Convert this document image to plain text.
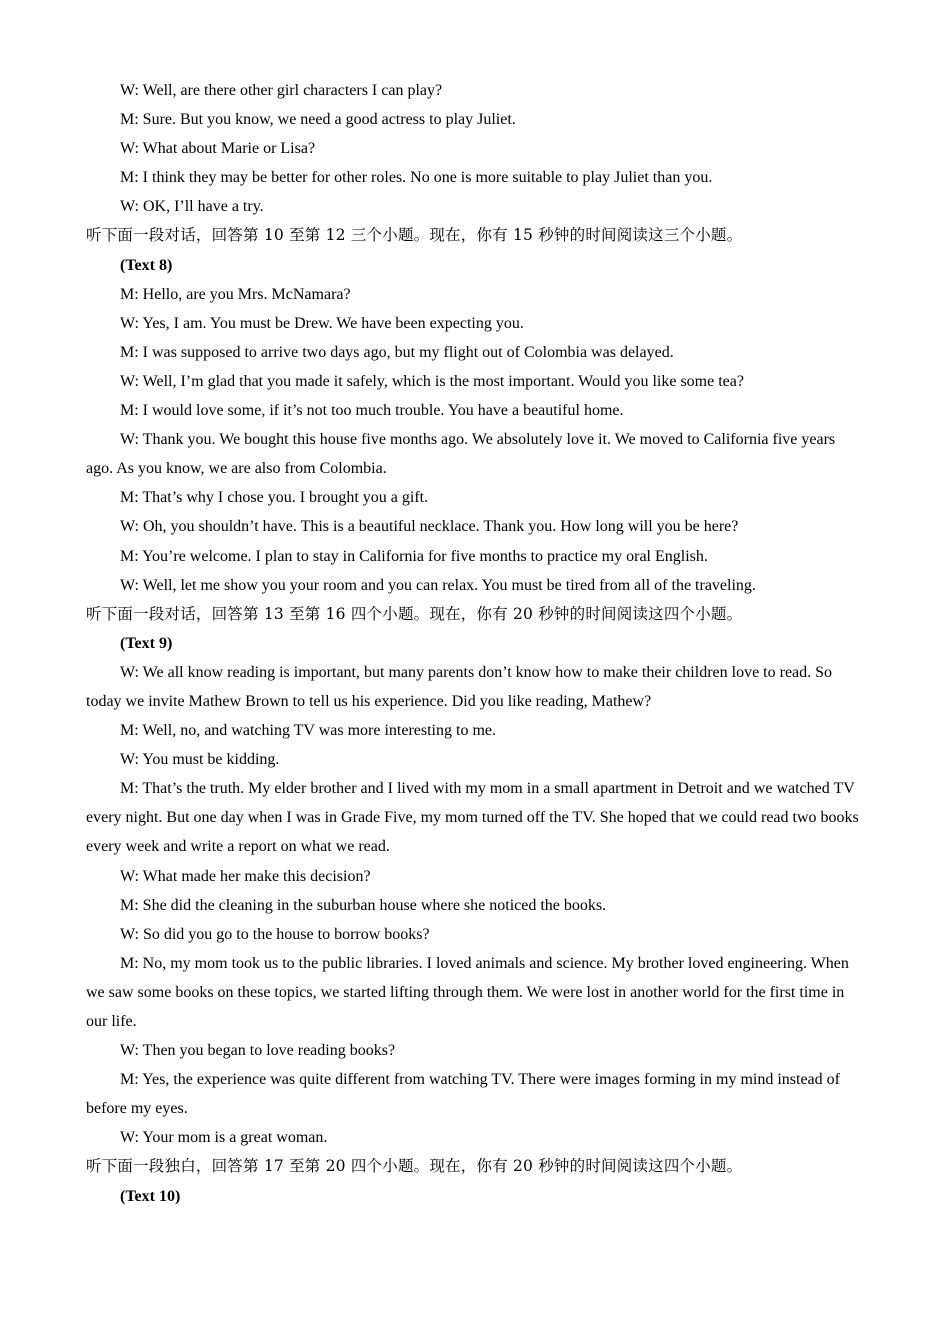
W: Well, are there other girl characters I can play?

M: Sure. But you know, we need a good actress to play Juliet.

W: What about Marie or Lisa?

M: I think they may be better for other roles. No one is more suitable to play Juliet than you.

W: OK, I’ll have a try.

听下面一段对话，回答第 10 至第 12 三个小题。现在，你有 15 秒钟的时间阅读这三个小题。

(Text 8)

M: Hello, are you Mrs. McNamara?

W: Yes, I am. You must be Drew. We have been expecting you.

M: I was supposed to arrive two days ago, but my flight out of Colombia was delayed.

W: Well, I’m glad that you made it safely, which is the most important. Would you like some tea?

M: I would love some, if it’s not too much trouble. You have a beautiful home.

W: Thank you. We bought this house five months ago. We absolutely love it. We moved to California five years ago. As you know, we are also from Colombia.

M: That’s why I chose you. I brought you a gift.

W: Oh, you shouldn’t have. This is a beautiful necklace. Thank you. How long will you be here?

M: You’re welcome. I plan to stay in California for five months to practice my oral English.

W: Well, let me show you your room and you can relax. You must be tired from all of the traveling.

听下面一段对话，回答第 13 至第 16 四个小题。现在，你有 20 秒钟的时间阅读这四个小题。

(Text 9)

W: We all know reading is important, but many parents don’t know how to make their children love to read. So today we invite Mathew Brown to tell us his experience. Did you like reading, Mathew?

M: Well, no, and watching TV was more interesting to me.

W: You must be kidding.

M: That’s the truth. My elder brother and I lived with my mom in a small apartment in Detroit and we watched TV every night. But one day when I was in Grade Five, my mom turned off the TV. She hoped that we could read two books every week and write a report on what we read.

W: What made her make this decision?

M: She did the cleaning in the suburban house where she noticed the books.

W: So did you go to the house to borrow books?

M: No, my mom took us to the public libraries. I loved animals and science. My brother loved engineering. When we saw some books on these topics, we started lifting through them. We were lost in another world for the first time in our life.

W: Then you began to love reading books?

M: Yes, the experience was quite different from watching TV. There were images forming in my mind instead of before my eyes.

W: Your mom is a great woman.

听下面一段独白，回答第 17 至第 20 四个小题。现在，你有 20 秒钟的时间阅读这四个小题。

(Text 10)
